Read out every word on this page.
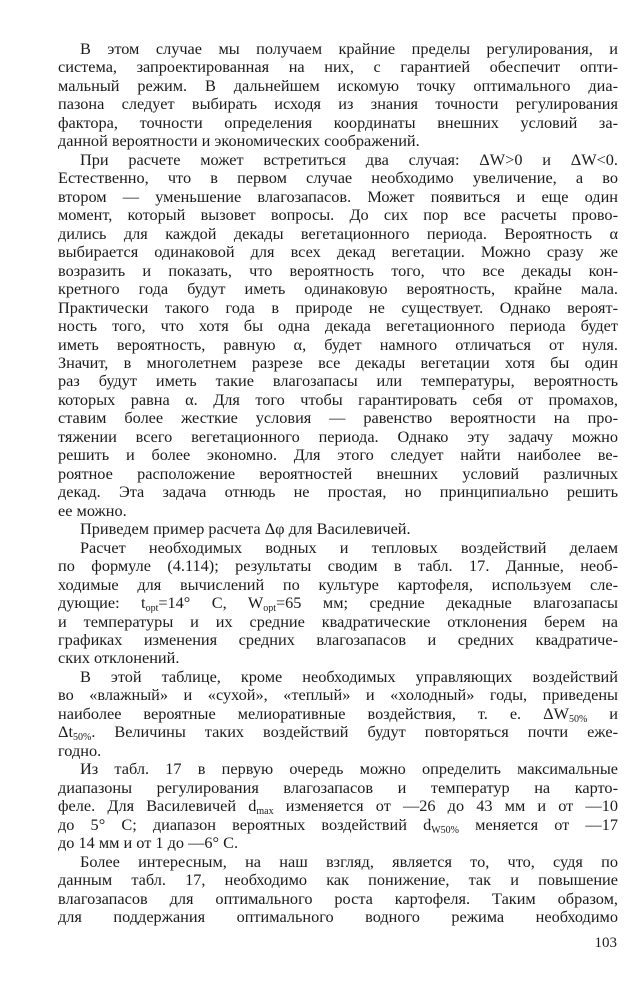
В этом случае мы получаем крайние пределы регулирования, и
система, запроектированная на них, с гарантией обеспечит опти-
мальный режим. В дальнейшем искомую точку оптимального диа-
пазона следует выбирать исходя из знания точности регулирования
фактора, точности определения координаты внешних условий за-
данной вероятности и экономических соображений.
При расчете может встретиться два случая: ΔW>0 и ΔW<0.
Естественно, что в первом случае необходимо увеличение, а во
втором — уменьшение влагозапасов. Может появиться и еще один
момент, который вызовет вопросы. До сих пор все расчеты прово-
дились для каждой декады вегетационного периода. Вероятность α
выбирается одинаковой для всех декад вегетации. Можно сразу же
возразить и показать, что вероятность того, что все декады кон-
кретного года будут иметь одинаковую вероятность, крайне мала.
Практически такого года в природе не существует. Однако вероят-
ность того, что хотя бы одна декада вегетационного периода будет
иметь вероятность, равную α, будет намного отличаться от нуля.
Значит, в многолетнем разрезе все декады вегетации хотя бы один
раз будут иметь такие влагозапасы или температуры, вероятность
которых равна α. Для того чтобы гарантировать себя от промахов,
ставим более жесткие условия — равенство вероятности на про-
тяжении всего вегетационного периода. Однако эту задачу можно
решить и более экономно. Для этого следует найти наиболее ве-
роятное расположение вероятностей внешних условий различных
декад. Эта задача отнюдь не простая, но принципиально решить
ее можно.
Приведем пример расчета Δφ для Василевичей.
Расчет необходимых водных и тепловых воздействий делаем
по формуле (4.114); результаты сводим в табл. 17. Данные, необ-
ходимые для вычислений по культуре картофеля, используем сле-
дующие: $t_{opt}=14^\circ$ C, $W_{opt}=65$ мм; средние декадные влагозапасы
и температуры и их средние квадратические отклонения берем на
графиках изменения средних влагозапасов и средних квадратиче-
ских отклонений.
В этой таблице, кроме необходимых управляющих воздействий
во «влажный» и «сухой», «теплый» и «холодный» годы, приведены
наиболее вероятные мелиоративные воздействия, т. е. $\Delta W_{50\%}$ и
$\Delta t_{50\%}$. Величины таких воздействий будут повторяться почти еже-
годно.
Из табл. 17 в первую очередь можно определить максимальные
диапазоны регулирования влагозапасов и температур на карто-
феле. Для Василевичей $d_{max}$ изменяется от —26 до 43 мм и от —10
до 5° С; диапазон вероятных воздействий $d_{W50\%}$ меняется от —17
до 14 мм и от 1 до —6° С.
Более интересным, на наш взгляд, является то, что, судя по
данным табл. 17, необходимо как понижение, так и повышение
влагозапасов для оптимального роста картофеля. Таким образом,
для поддержания оптимального водного режима необходимо
103
